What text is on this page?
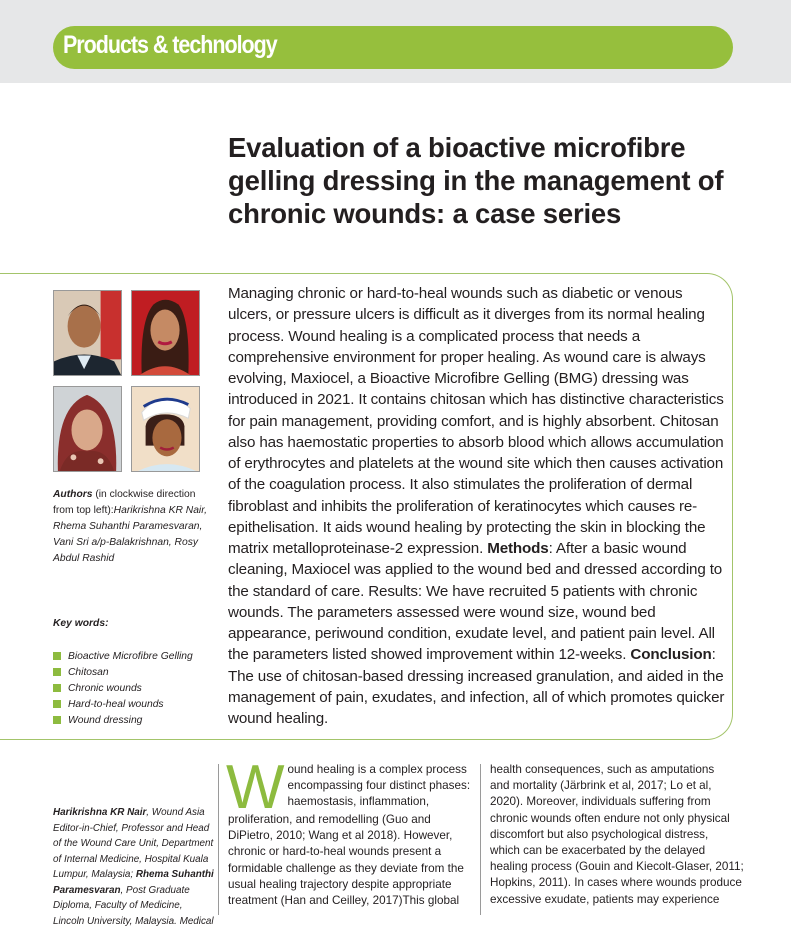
Products & technology
Evaluation of a bioactive microfibre gelling dressing in the management of chronic wounds: a case series

Managing chronic or hard-to-heal wounds such as diabetic or venous ulcers, or pressure ulcers is difficult as it diverges from its normal healing process. Wound healing is a complicated process that needs a comprehensive environment for proper healing. As wound care is always evolving, Maxiocel, a Bioactive Microfibre Gelling (BMG) dressing was introduced in 2021. It contains chitosan which has distinctive characteristics for pain management, providing comfort, and is highly absorbent. Chitosan also has haemostatic properties to absorb blood which allows accumulation of erythrocytes and platelets at the wound site which then causes activation of the coagulation process. It also stimulates the proliferation of dermal fibroblast and inhibits the proliferation of keratinocytes which causes re-epithelisation. It aids wound healing by protecting the skin in blocking the matrix metalloproteinase-2 expression. Methods: After a basic wound cleaning, Maxiocel was applied to the wound bed and dressed according to the standard of care. Results: We have recruited 5 patients with chronic wounds. The parameters assessed were wound size, wound bed appearance, periwound condition, exudate level, and patient pain level. All the parameters listed showed improvement within 12-weeks. Conclusion: The use of chitosan-based dressing increased granulation, and aided in the management of pain, exudates, and infection, all of which promotes quicker wound healing.

Authors (in clockwise direction from top left):Harikrishna KR Nair, Rhema Suhanthi Paramesvaran, Vani Sri a/p-Balakrishnan, Rosy Abdul Rashid

Key words:
Bioactive Microfibre Gelling
Chitosan
Chronic wounds
Hard-to-heal wounds
Wound dressing

Harikrishna KR Nair, Wound Asia Editor-in-Chief, Professor and Head of the Wound Care Unit, Department of Internal Medicine, Hospital Kuala Lumpur, Malaysia; Rhema Suhanthi Paramesvaran, Post Graduate Diploma, Faculty of Medicine, Lincoln University, Malaysia. Medical

W ound healing is a complex process
encompassing four distinct phases:
haemostasis, inflammation,
proliferation, and remodelling (Guo and
DiPietro, 2010; Wang et al 2018). However,
chronic or hard-to-heal wounds present a
formidable challenge as they deviate from the
usual healing trajectory despite appropriate
treatment (Han and Ceilley, 2017)This global
health consequences, such as amputations
and mortality (Järbrink et al, 2017; Lo et al,
2020). Moreover, individuals suffering from
chronic wounds often endure not only physical
discomfort but also psychological distress,
which can be exacerbated by the delayed
healing process (Gouin and Kiecolt-Glaser, 2011;
Hopkins, 2011). In cases where wounds produce
excessive exudate, patients may experience
